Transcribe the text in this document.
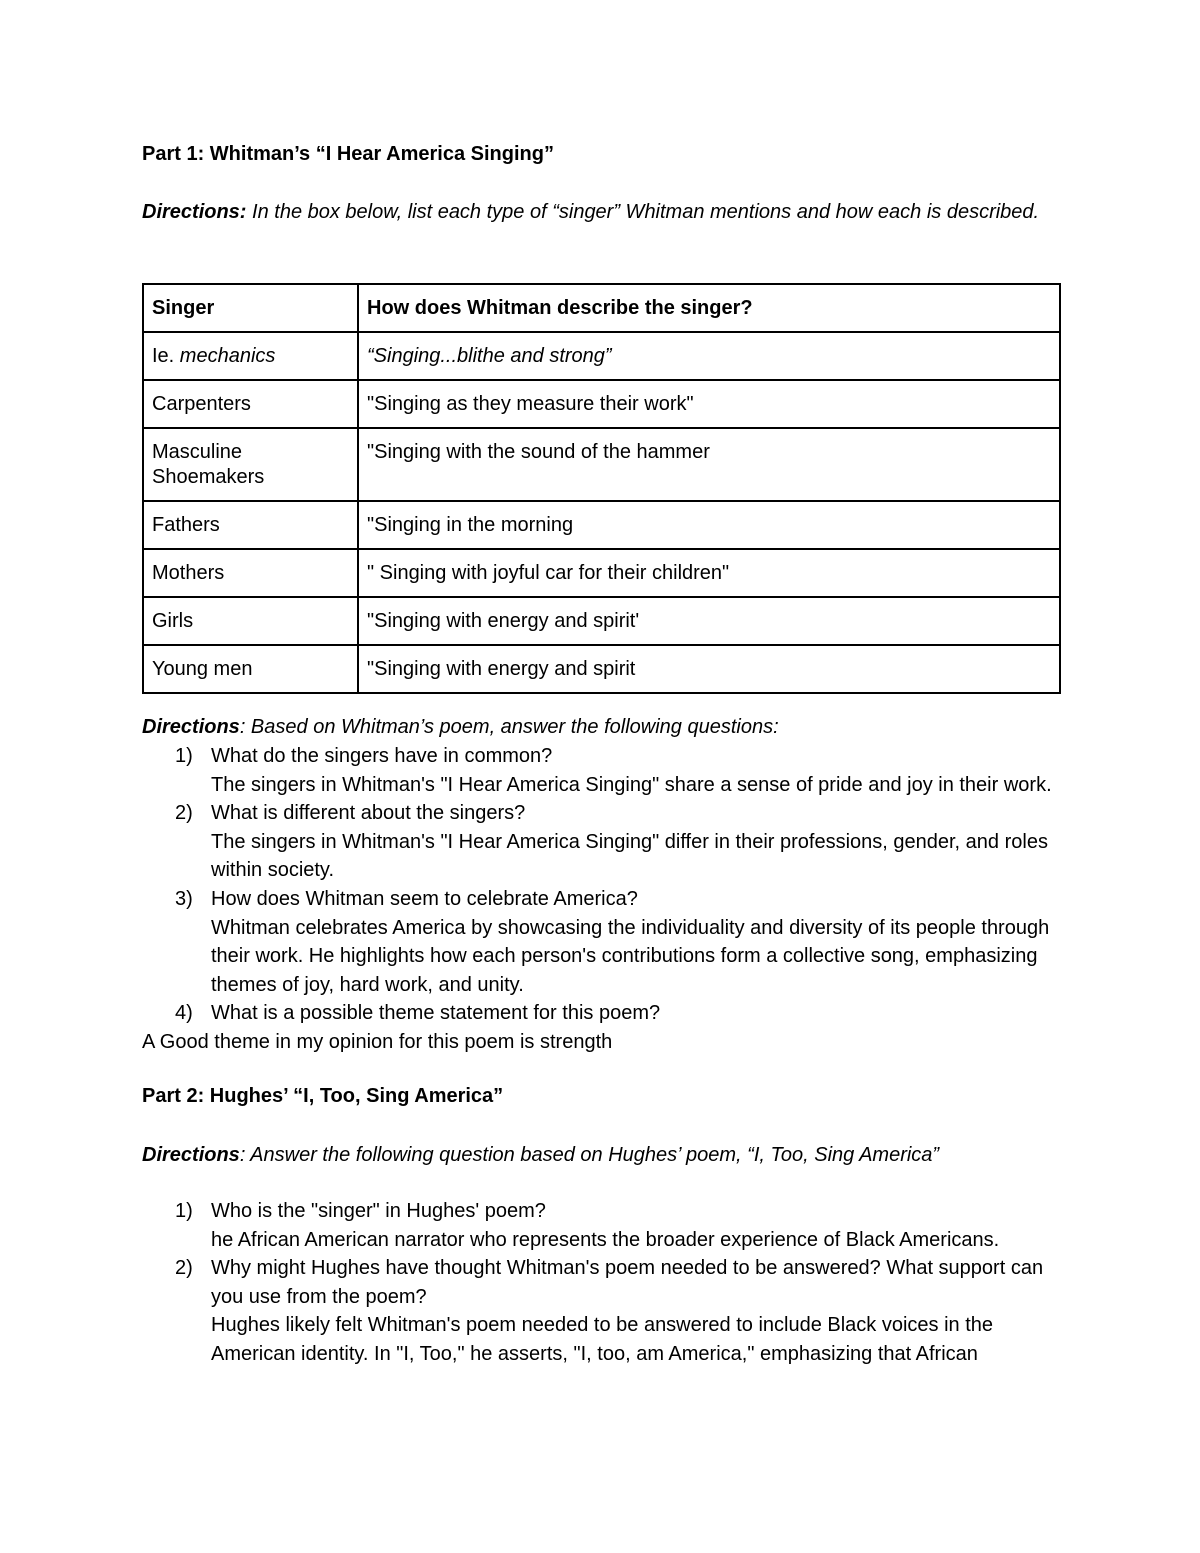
Part 1: Whitman’s “I Hear America Singing”
Directions: In the box below, list each type of “singer” Whitman mentions and how each is described.
Singer	How does Whitman describe the singer?
Ie. mechanics	“Singing...blithe and strong”
Carpenters	"Singing as they measure their work"
Masculine Shoemakers	"Singing with the sound of the hammer
Fathers	"Singing in the morning
Mothers	" Singing with joyful car for their children"
Girls	"Singing with energy and spirit'
Young men	"Singing with energy and spirit
Directions: Based on Whitman’s poem, answer the following questions:
1) What do the singers have in common?
The singers in Whitman's "I Hear America Singing" share a sense of pride and joy in their work.
2) What is different about the singers?
The singers in Whitman's "I Hear America Singing" differ in their professions, gender, and roles within society.
3) How does Whitman seem to celebrate America?
Whitman celebrates America by showcasing the individuality and diversity of its people through their work. He highlights how each person's contributions form a collective song, emphasizing themes of joy, hard work, and unity.
4) What is a possible theme statement for this poem?
A Good theme in my opinion for this poem is strength
Part 2: Hughes’ “I, Too, Sing America”
Directions: Answer the following question based on Hughes’ poem, “I, Too, Sing America”
1) Who is the "singer" in Hughes' poem?
he African American narrator who represents the broader experience of Black Americans.
2) Why might Hughes have thought Whitman's poem needed to be answered? What support can you use from the poem?
Hughes likely felt Whitman's poem needed to be answered to include Black voices in the American identity. In "I, Too," he asserts, "I, too, am America," emphasizing that African
